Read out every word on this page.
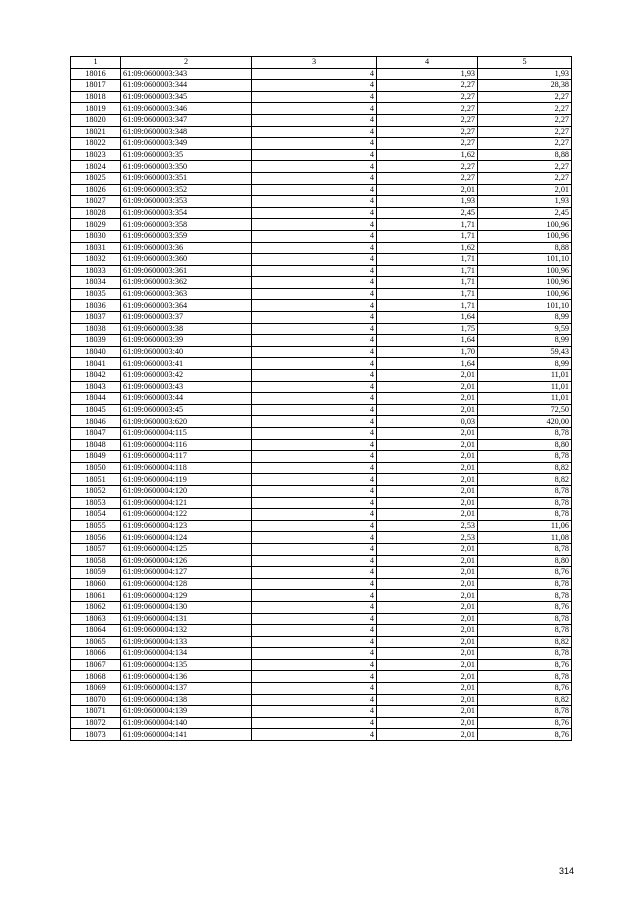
1	2	3	4	5
18016	61:09:0600003:343	4	1,93	1,93
18017	61:09:0600003:344	4	2,27	28,38
18018	61:09:0600003:345	4	2,27	2,27
18019	61:09:0600003:346	4	2,27	2,27
18020	61:09:0600003:347	4	2,27	2,27
18021	61:09:0600003:348	4	2,27	2,27
18022	61:09:0600003:349	4	2,27	2,27
18023	61:09:0600003:35	4	1,62	8,88
18024	61:09:0600003:350	4	2,27	2,27
18025	61:09:0600003:351	4	2,27	2,27
18026	61:09:0600003:352	4	2,01	2,01
18027	61:09:0600003:353	4	1,93	1,93
18028	61:09:0600003:354	4	2,45	2,45
18029	61:09:0600003:358	4	1,71	100,96
18030	61:09:0600003:359	4	1,71	100,96
18031	61:09:0600003:36	4	1,62	8,88
18032	61:09:0600003:360	4	1,71	101,10
18033	61:09:0600003:361	4	1,71	100,96
18034	61:09:0600003:362	4	1,71	100,96
18035	61:09:0600003:363	4	1,71	100,96
18036	61:09:0600003:364	4	1,71	101,10
18037	61:09:0600003:37	4	1,64	8,99
18038	61:09:0600003:38	4	1,75	9,59
18039	61:09:0600003:39	4	1,64	8,99
18040	61:09:0600003:40	4	1,70	59,43
18041	61:09:0600003:41	4	1,64	8,99
18042	61:09:0600003:42	4	2,01	11,01
18043	61:09:0600003:43	4	2,01	11,01
18044	61:09:0600003:44	4	2,01	11,01
18045	61:09:0600003:45	4	2,01	72,50
18046	61:09:0600003:620	4	0,03	420,00
18047	61:09:0600004:115	4	2,01	8,78
18048	61:09:0600004:116	4	2,01	8,80
18049	61:09:0600004:117	4	2,01	8,78
18050	61:09:0600004:118	4	2,01	8,82
18051	61:09:0600004:119	4	2,01	8,82
18052	61:09:0600004:120	4	2,01	8,78
18053	61:09:0600004:121	4	2,01	8,78
18054	61:09:0600004:122	4	2,01	8,78
18055	61:09:0600004:123	4	2,53	11,06
18056	61:09:0600004:124	4	2,53	11,08
18057	61:09:0600004:125	4	2,01	8,78
18058	61:09:0600004:126	4	2,01	8,80
18059	61:09:0600004:127	4	2,01	8,76
18060	61:09:0600004:128	4	2,01	8,78
18061	61:09:0600004:129	4	2,01	8,78
18062	61:09:0600004:130	4	2,01	8,76
18063	61:09:0600004:131	4	2,01	8,78
18064	61:09:0600004:132	4	2,01	8,78
18065	61:09:0600004:133	4	2,01	8,82
18066	61:09:0600004:134	4	2,01	8,78
18067	61:09:0600004:135	4	2,01	8,76
18068	61:09:0600004:136	4	2,01	8,78
18069	61:09:0600004:137	4	2,01	8,76
18070	61:09:0600004:138	4	2,01	8,82
18071	61:09:0600004:139	4	2,01	8,78
18072	61:09:0600004:140	4	2,01	8,76
18073	61:09:0600004:141	4	2,01	8,76
314
